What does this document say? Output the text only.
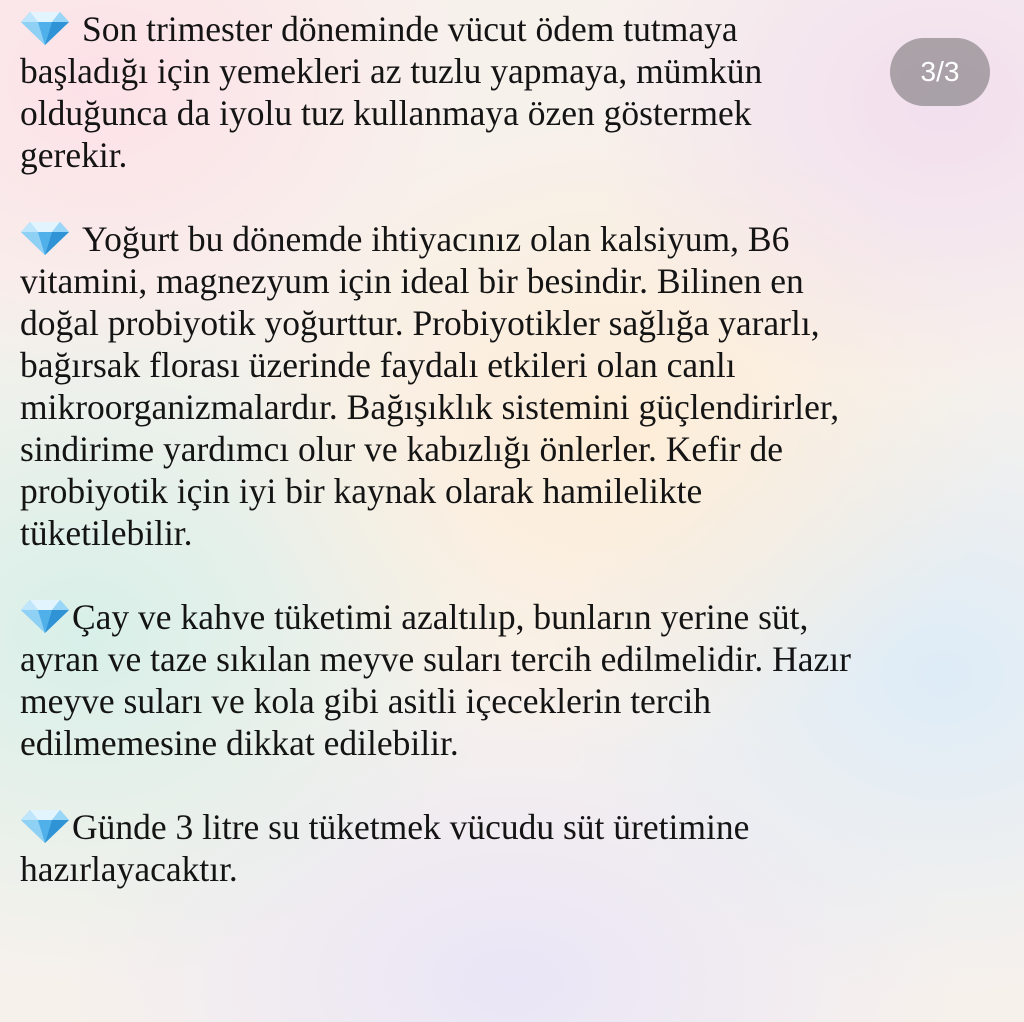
Son trimester döneminde vücut ödem tutmaya
başladığı için yemekleri az tuzlu yapmaya, mümkün
olduğunca da iyolu tuz kullanmaya özen göstermek
gerekir.

Yoğurt bu dönemde ihtiyacınız olan kalsiyum, B6
vitamini, magnezyum için ideal bir besindir. Bilinen en
doğal probiyotik yoğurttur. Probiyotikler sağlığa yararlı,
bağırsak florası üzerinde faydalı etkileri olan canlı
mikroorganizmalardır. Bağışıklık sistemini güçlendirirler,
sindirime yardımcı olur ve kabızlığı önlerler. Kefir de
probiyotik için iyi bir kaynak olarak hamilelikte
tüketilebilir.

Çay ve kahve tüketimi azaltılıp, bunların yerine süt,
ayran ve taze sıkılan meyve suları tercih edilmelidir. Hazır
meyve suları ve kola gibi asitli içeceklerin tercih
edilmemesine dikkat edilebilir.

Günde 3 litre su tüketmek vücudu süt üretimine
hazırlayacaktır.

3/3
